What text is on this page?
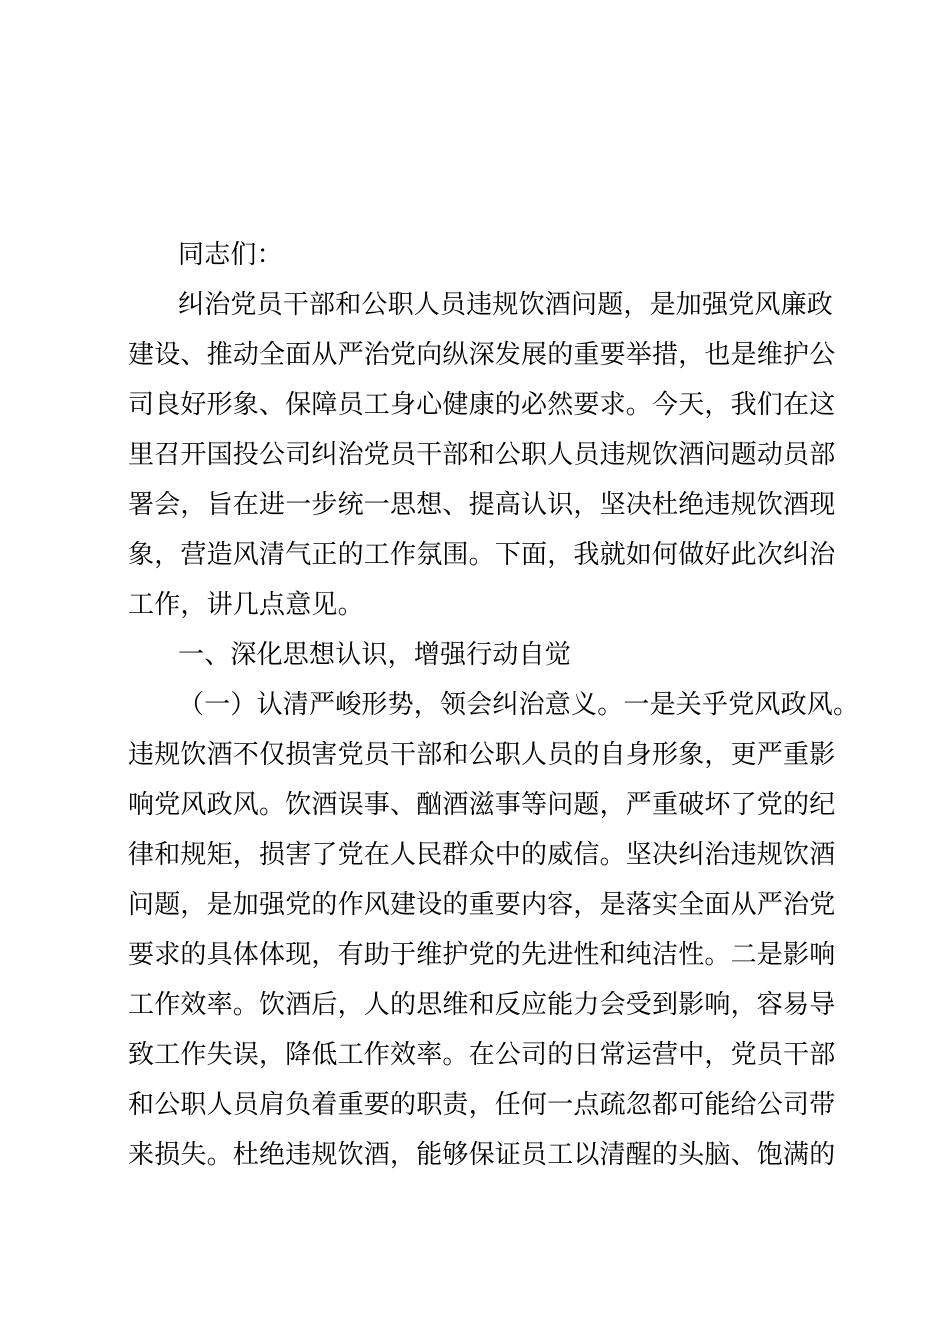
同志们：
纠治党员干部和公职人员违规饮酒问题，是加强党风廉政
建设、推动全面从严治党向纵深发展的重要举措，也是维护公
司良好形象、保障员工身心健康的必然要求。今天，我们在这
里召开国投公司纠治党员干部和公职人员违规饮酒问题动员部
署会，旨在进一步统一思想、提高认识，坚决杜绝违规饮酒现
象，营造风清气正的工作氛围。下面，我就如何做好此次纠治
工作，讲几点意见。
一、深化思想认识，增强行动自觉
（一）认清严峻形势，领会纠治意义。一是关乎党风政风。
违规饮酒不仅损害党员干部和公职人员的自身形象，更严重影
响党风政风。饮酒误事、酗酒滋事等问题，严重破坏了党的纪
律和规矩，损害了党在人民群众中的威信。坚决纠治违规饮酒
问题，是加强党的作风建设的重要内容，是落实全面从严治党
要求的具体体现，有助于维护党的先进性和纯洁性。二是影响
工作效率。饮酒后，人的思维和反应能力会受到影响，容易导
致工作失误，降低工作效率。在公司的日常运营中，党员干部
和公职人员肩负着重要的职责，任何一点疏忽都可能给公司带
来损失。杜绝违规饮酒，能够保证员工以清醒的头脑、饱满的
